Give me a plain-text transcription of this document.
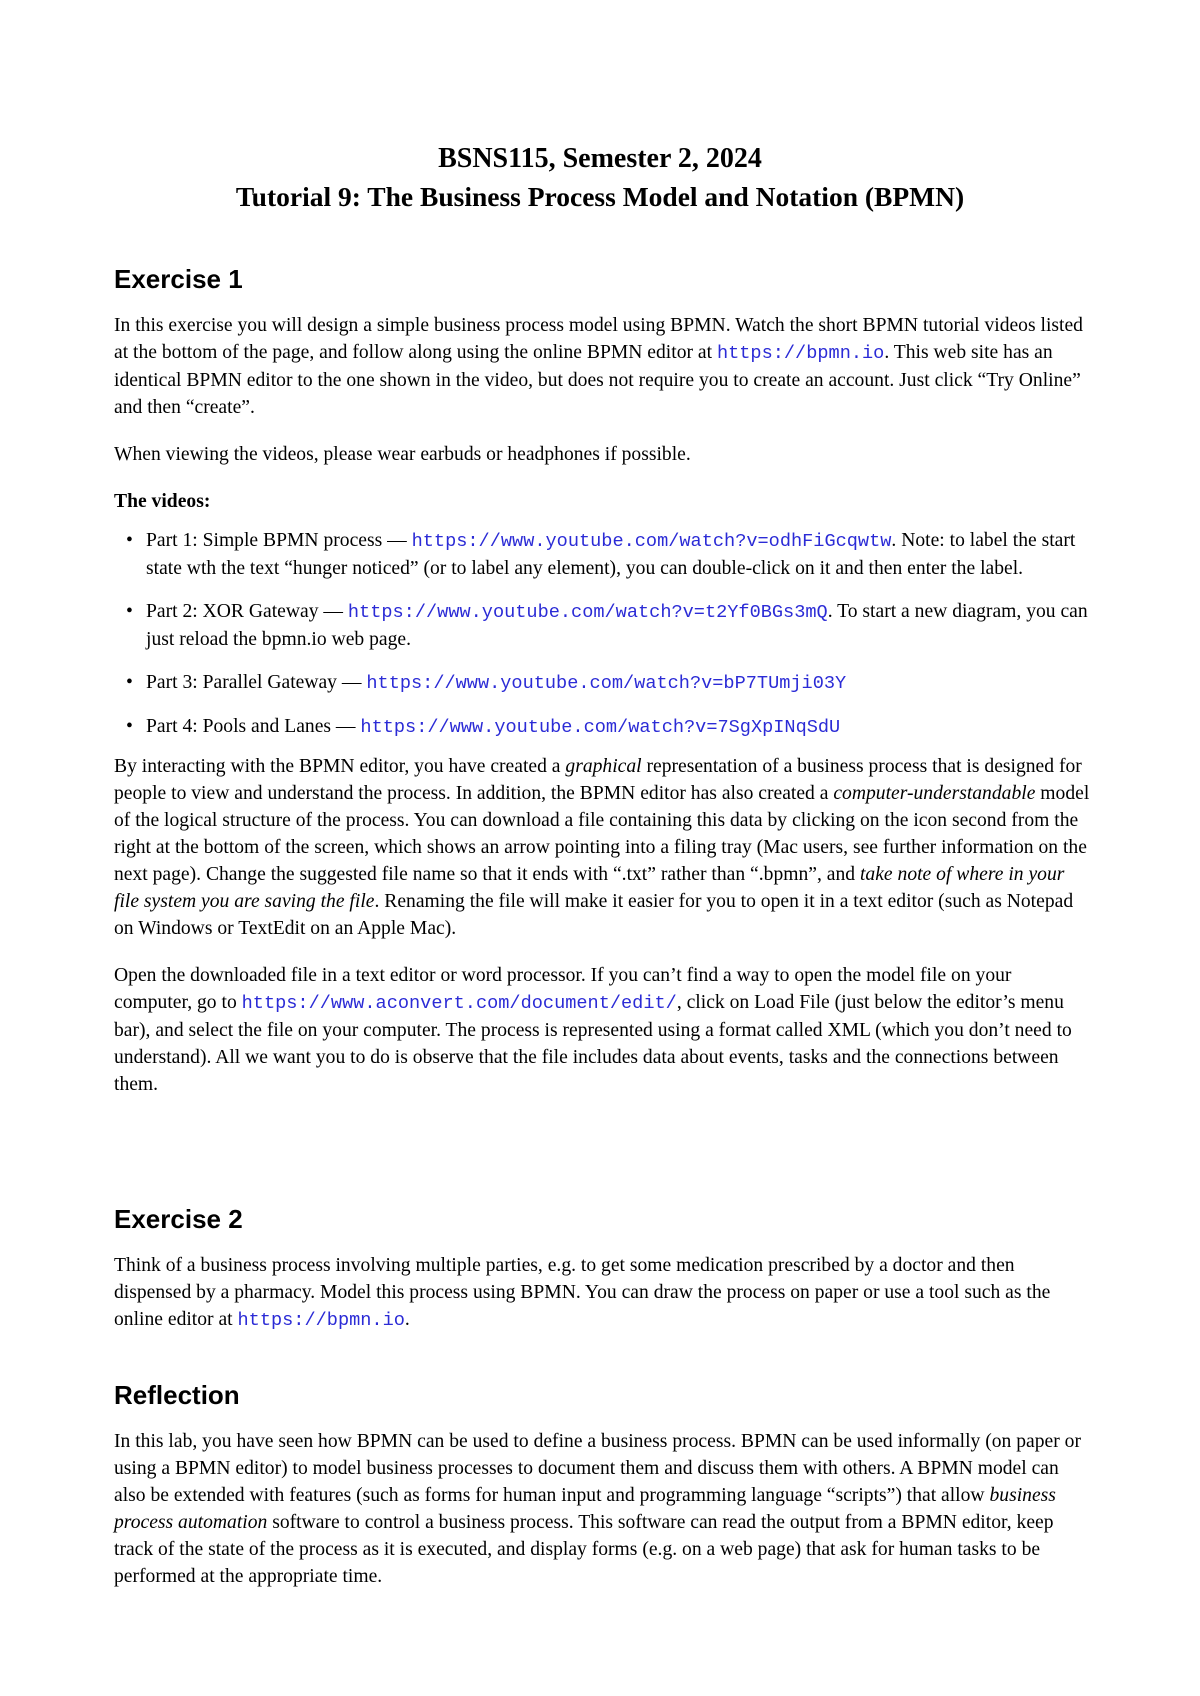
BSNS115, Semester 2, 2024

Tutorial 9: The Business Process Model and Notation (BPMN)

Exercise 1

In this exercise you will design a simple business process model using BPMN. Watch the short BPMN tutorial videos listed at the bottom of the page, and follow along using the online BPMN editor at https://bpmn.io. This web site has an identical BPMN editor to the one shown in the video, but does not require you to create an account. Just click “Try Online” and then “create”.

When viewing the videos, please wear earbuds or headphones if possible.

The videos:

• Part 1: Simple BPMN process — https://www.youtube.com/watch?v=odhFiGcqwtw. Note: to label the start state wth the text “hunger noticed” (or to label any element), you can double-click on it and then enter the label.
• Part 2: XOR Gateway — https://www.youtube.com/watch?v=t2Yf0BGs3mQ. To start a new diagram, you can just reload the bpmn.io web page.
• Part 3: Parallel Gateway — https://www.youtube.com/watch?v=bP7TUmji03Y
• Part 4: Pools and Lanes — https://www.youtube.com/watch?v=7SgXpINqSdU

By interacting with the BPMN editor, you have created a graphical representation of a business process that is designed for people to view and understand the process. In addition, the BPMN editor has also created a computer-understandable model of the logical structure of the process. You can download a file containing this data by clicking on the icon second from the right at the bottom of the screen, which shows an arrow pointing into a filing tray (Mac users, see further information on the next page). Change the suggested file name so that it ends with “.txt” rather than “.bpmn”, and take note of where in your file system you are saving the file. Renaming the file will make it easier for you to open it in a text editor (such as Notepad on Windows or TextEdit on an Apple Mac).

Open the downloaded file in a text editor or word processor. If you can’t find a way to open the model file on your computer, go to https://www.aconvert.com/document/edit/, click on Load File (just below the editor’s menu bar), and select the file on your computer. The process is represented using a format called XML (which you don’t need to understand). All we want you to do is observe that the file includes data about events, tasks and the connections between them.

Exercise 2

Think of a business process involving multiple parties, e.g. to get some medication prescribed by a doctor and then dispensed by a pharmacy. Model this process using BPMN. You can draw the process on paper or use a tool such as the online editor at https://bpmn.io.

Reflection

In this lab, you have seen how BPMN can be used to define a business process. BPMN can be used informally (on paper or using a BPMN editor) to model business processes to document them and discuss them with others. A BPMN model can also be extended with features (such as forms for human input and programming language “scripts”) that allow business process automation software to control a business process. This software can read the output from a BPMN editor, keep track of the state of the process as it is executed, and display forms (e.g. on a web page) that ask for human tasks to be performed at the appropriate time.
